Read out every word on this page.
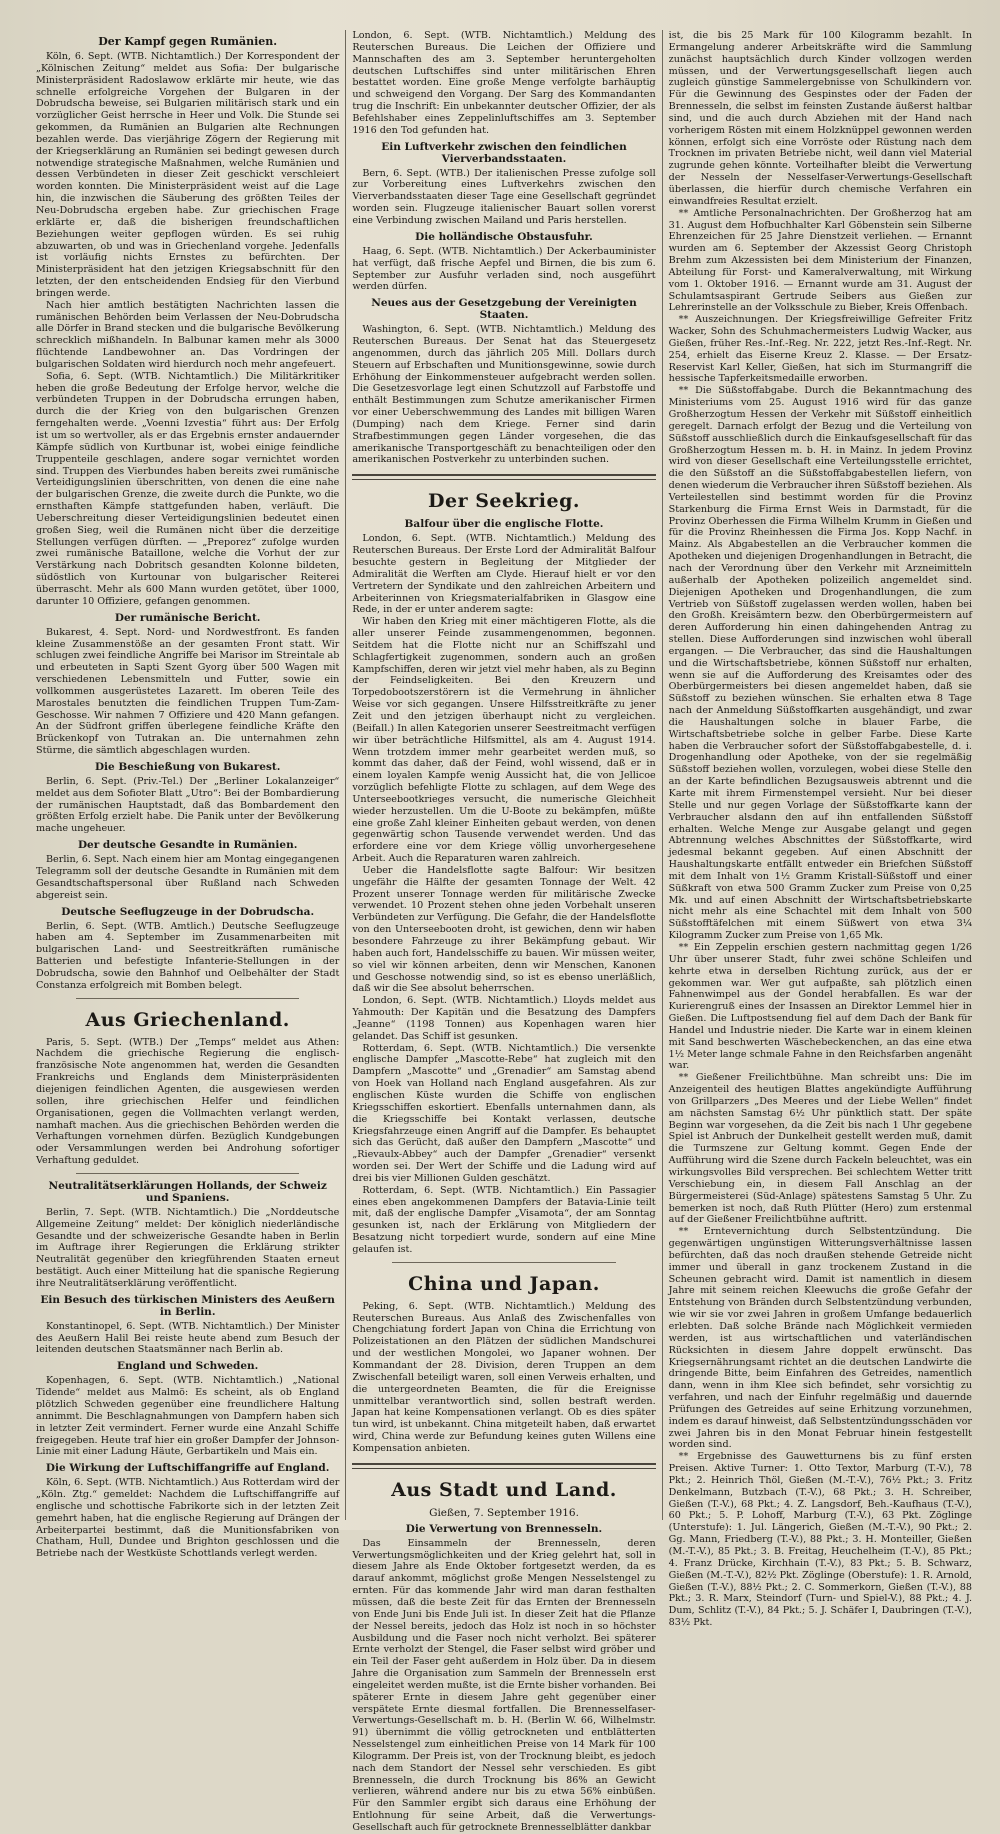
Der Kampf gegen Rumänien.

Köln, 6. Sept. (WTB. Nichtamtlich.) Der Korrespondent der „Kölnischen Zeitung“ meldet aus Sofia: Der bulgarische Ministerpräsident Radoslawow erklärte mir heute, wie das schnelle erfolgreiche Vorgehen der Bulgaren in der Dobrudscha beweise, sei Bulgarien militärisch stark und ein vorzüglicher Geist herrsche in Heer und Volk. Die Stunde sei gekommen, da Rumänien an Bulgarien alte Rechnungen bezahlen werde. Das vierjährige Zögern der Regierung mit der Kriegserklärung an Rumänien sei bedingt gewesen durch notwendige strategische Maßnahmen, welche Rumänien und dessen Verbündeten in dieser Zeit geschickt verschleiert worden konnten. Die Ministerpräsident weist auf die Lage hin, die inzwischen die Säuberung des größten Teiles der Neu-Dobrudscha ergeben habe. Zur griechischen Frage erklärte er, daß die bisherigen freundschaftlichen Beziehungen weiter gepflogen würden. Es sei ruhig abzuwarten, ob und was in Griechenland vorgehe. Jedenfalls ist vorläufig nichts Ernstes zu befürchten. Der Ministerpräsident hat den jetzigen Kriegsabschnitt für den letzten, der den entscheidenden Endsieg für den Vierbund bringen werde.

Nach hier amtlich bestätigten Nachrichten lassen die rumänischen Behörden beim Verlassen der Neu-Dobrudscha alle Dörfer in Brand stecken und die bulgarische Bevölkerung schrecklich mißhandeln. In Balbunar kamen mehr als 3000 flüchtende Landbewohner an. Das Vordringen der bulgarischen Soldaten wird hierdurch noch mehr angefeuert.

Sofia, 6. Sept. (WTB. Nichtamtlich.) Die Militärkritiker heben die große Bedeutung der Erfolge hervor, welche die verbündeten Truppen in der Dobrudscha errungen haben, durch die der Krieg von den bulgarischen Grenzen ferngehalten werde. „Voenni Izvestia“ führt aus: Der Erfolg ist um so wertvoller, als er das Ergebnis ernster andauernder Kämpfe südlich von Kurtbunar ist, wobei einige feindliche Truppenteile geschlagen, andere sogar vernichtet worden sind. Truppen des Vierbundes haben bereits zwei rumänische Verteidigungslinien überschritten, von denen die eine nahe der bulgarischen Grenze, die zweite durch die Punkte, wo die ernsthaften Kämpfe stattgefunden haben, verläuft. Die Ueberschreitung dieser Verteidigungslinien bedeutet einen großen Sieg, weil die Rumänen nicht über die derzeitige Stellungen verfügen dürften. — „Preporez“ zufolge wurden zwei rumänische Bataillone, welche die Vorhut der zur Verstärkung nach Dobritsch gesandten Kolonne bildeten, südöstlich von Kurtounar von bulgarischer Reiterei überrascht. Mehr als 600 Mann wurden getötet, über 1000, darunter 10 Offiziere, gefangen genommen.

Der rumänische Bericht.

Bukarest, 4. Sept. Nord- und Nordwestfront. Es fanden kleine Zusammenstöße an der gesamten Front statt. Wir schlugen zwei feindliche Angriffe bei Marisor im Streintale ab und erbeuteten in Sapti Szent Gyorg über 500 Wagen mit verschiedenen Lebensmitteln und Futter, sowie ein vollkommen ausgerüstetes Lazarett. Im oberen Teile des Marostales benutzten die feindlichen Truppen Tum-Zam-Geschosse. Wir nahmen 7 Offiziere und 420 Mann gefangen. An der Südfront griffen überlegene feindliche Kräfte den Brückenkopf von Tutrakan an. Die unternahmen zehn Stürme, die sämtlich abgeschlagen wurden.

Die Beschießung von Bukarest.

Berlin, 6. Sept. (Priv.-Tel.) Der „Berliner Lokalanzeiger“ meldet aus dem Sofioter Blatt „Utro“: Bei der Bombardierung der rumänischen Hauptstadt, daß das Bombardement den größten Erfolg erzielt habe. Die Panik unter der Bevölkerung mache ungeheuer.

Der deutsche Gesandte in Rumänien.

Berlin, 6. Sept. Nach einem hier am Montag eingegangenen Telegramm soll der deutsche Gesandte in Rumänien mit dem Gesandtschaftspersonal über Rußland nach Schweden abgereist sein.

Deutsche Seeflugzeuge in der Dobrudscha.

Berlin, 6. Sept. (WTB. Amtlich.) Deutsche Seeflugzeuge haben am 4. September im Zusammenarbeiten mit bulgarischen Land- und Seestreitkräften rumänische Batterien und befestigte Infanterie-Stellungen in der Dobrudscha, sowie den Bahnhof und Oelbehälter der Stadt Constanza erfolgreich mit Bomben belegt.

Aus Griechenland.

Paris, 5. Sept. (WTB.) Der „Temps“ meldet aus Athen: Nachdem die griechische Regierung die englisch-französische Note angenommen hat, werden die Gesandten Frankreichs und Englands dem Ministerpräsidenten diejenigen feindlichen Agenten, die ausgewiesen werden sollen, ihre griechischen Helfer und feindlichen Organisationen, gegen die Vollmachten verlangt werden, namhaft machen. Aus die griechischen Behörden werden die Verhaftungen vornehmen dürfen. Bezüglich Kundgebungen oder Versammlungen werden bei Androhung sofortiger Verhaftung geduldet.

Neutralitätserklärungen Hollands, der Schweiz und Spaniens.

Berlin, 7. Sept. (WTB. Nichtamtlich.) Die „Norddeutsche Allgemeine Zeitung“ meldet: Der königlich niederländische Gesandte und der schweizerische Gesandte haben in Berlin im Auftrage ihrer Regierungen die Erklärung strikter Neutralität gegenüber den kriegführenden Staaten erneut bestätigt. Auch einer Mitteilung hat die spanische Regierung ihre Neutralitätserklärung veröffentlicht.

Ein Besuch des türkischen Ministers des Aeußern in Berlin.

Konstantinopel, 6. Sept. (WTB. Nichtamtlich.) Der Minister des Aeußern Halil Bei reiste heute abend zum Besuch der leitenden deutschen Staatsmänner nach Berlin ab.

England und Schweden.

Kopenhagen, 6. Sept. (WTB. Nichtamtlich.) „National Tidende“ meldet aus Malmö: Es scheint, als ob England plötzlich Schweden gegenüber eine freundlichere Haltung annimmt. Die Beschlagnahmungen von Dampfern haben sich in letzter Zeit vermindert. Ferner wurde eine Anzahl Schiffe freigegeben. Heute traf hier ein großer Dampfer der Johnson-Linie mit einer Ladung Häute, Gerbartikeln und Mais ein.

Die Wirkung der Luftschiffangriffe auf England.

Köln, 6. Sept. (WTB. Nichtamtlich.) Aus Rotterdam wird der „Köln. Ztg.“ gemeldet: Nachdem die Luftschiffangriffe auf englische und schottische Fabrikorte sich in der letzten Zeit gemehrt haben, hat die englische Regierung auf Drängen der Arbeiterpartei bestimmt, daß die Munitionsfabriken von Chatham, Hull, Dundee und Brighton geschlossen und die Betriebe nach der Westküste Schottlands verlegt werden.

London, 6. Sept. (WTB. Nichtamtlich.) Meldung des Reuterschen Bureaus. Die Leichen der Offiziere und Mannschaften des am 3. September heruntergeholten deutschen Luftschiffes sind unter militärischen Ehren bestattet worden. Eine große Menge verfolgte barhäuptig und schweigend den Vorgang. Der Sarg des Kommandanten trug die Inschrift: Ein unbekannter deutscher Offizier, der als Befehlshaber eines Zeppelinluftschiffes am 3. September 1916 den Tod gefunden hat.

Ein Luftverkehr zwischen den feindlichen Vierverbandsstaaten.

Bern, 6. Sept. (WTB.) Der italienischen Presse zufolge soll zur Vorbereitung eines Luftverkehrs zwischen den Vierverbandsstaaten dieser Tage eine Gesellschaft gegründet worden sein. Flugzeuge italienischer Bauart sollen vorerst eine Verbindung zwischen Mailand und Paris herstellen.

Die holländische Obstausfuhr.

Haag, 6. Sept. (WTB. Nichtamtlich.) Der Ackerbauminister hat verfügt, daß frische Aepfel und Birnen, die bis zum 6. September zur Ausfuhr verladen sind, noch ausgeführt werden dürfen.

Neues aus der Gesetzgebung der Vereinigten Staaten.

Washington, 6. Sept. (WTB. Nichtamtlich.) Meldung des Reuterschen Bureaus. Der Senat hat das Steuergesetz angenommen, durch das jährlich 205 Mill. Dollars durch Steuern auf Erbschaften und Munitionsgewinne, sowie durch Erhöhung der Einkommensteuer aufgebracht werden sollen. Die Gesetzesvorlage legt einen Schutzzoll auf Farbstoffe und enthält Bestimmungen zum Schutze amerikanischer Firmen vor einer Ueberschwemmung des Landes mit billigen Waren (Dumping) nach dem Kriege. Ferner sind darin Strafbestimmungen gegen Länder vorgesehen, die das amerikanische Transportgeschäft zu benachteiligen oder den amerikanischen Postverkehr zu unterbinden suchen.

Der Seekrieg.
Balfour über die englische Flotte.

London, 6. Sept. (WTB. Nichtamtlich.) Meldung des Reuterschen Bureaus. Der Erste Lord der Admiralität Balfour besuchte gestern in Begleitung der Mitglieder der Admiralität die Werften am Clyde. Hierauf hielt er vor den Vertretern der Syndikate und den zahlreichen Arbeitern und Arbeiterinnen von Kriegsmaterialfabriken in Glasgow eine Rede, in der er unter anderem sagte:

Wir haben den Krieg mit einer mächtigeren Flotte, als die aller unserer Feinde zusammengenommen, begonnen. Seitdem hat die Flotte nicht nur an Schiffszahl und Schlagfertigkeit zugenommen, sondern auch an großen Kampfschiffen, deren wir jetzt viel mehr haben, als zu Beginn der Feindseligkeiten. Bei den Kreuzern und Torpedobootszerstörern ist die Vermehrung in ähnlicher Weise vor sich gegangen. Unsere Hilfsstreitkräfte zu jener Zeit und den jetzigen überhaupt nicht zu vergleichen. (Beifall.) In allen Kategorien unserer Seestreitmacht verfügen wir über beträchtliche Hilfsmittel, als am 4. August 1914. Wenn trotzdem immer mehr gearbeitet werden muß, so kommt das daher, daß der Feind, wohl wissend, daß er in einem loyalen Kampfe wenig Aussicht hat, die von Jellicoe vorzüglich befehligte Flotte zu schlagen, auf dem Wege des Unterseebootkrieges versucht, die numerische Gleichheit wieder herzustellen. Um die U-Boote zu bekämpfen, müßte eine große Zahl kleiner Einheiten gebaut werden, von denen gegenwärtig schon Tausende verwendet werden. Und das erfordere eine vor dem Kriege völlig unvorhergesehene Arbeit. Auch die Reparaturen waren zahlreich.

Ueber die Handelsflotte sagte Balfour: Wir besitzen ungefähr die Hälfte der gesamten Tonnage der Welt. 42 Prozent unserer Tonnage werden für militärische Zwecke verwendet. 10 Prozent stehen ohne jeden Vorbehalt unseren Verbündeten zur Verfügung. Die Gefahr, die der Handelsflotte von den Unterseebooten droht, ist gewichen, denn wir haben besondere Fahrzeuge zu ihrer Bekämpfung gebaut. Wir haben auch fort, Handelsschiffe zu bauen. Wir müssen weiter, so viel wir können arbeiten, denn wir Menschen, Kanonen und Geschosse notwendig sind, so ist es ebenso unerläßlich, daß wir die See absolut beherrschen.

London, 6. Sept. (WTB. Nichtamtlich.) Lloyds meldet aus Yahmouth: Der Kapitän und die Besatzung des Dampfers „Jeanne“ (1198 Tonnen) aus Kopenhagen waren hier gelandet. Das Schiff ist gesunken.

Rotterdam, 6. Sept. (WTB. Nichtamtlich.) Die versenkte englische Dampfer „Mascotte-Rebe“ hat zugleich mit den Dampfern „Mascotte“ und „Grenadier“ am Samstag abend von Hoek van Holland nach England ausgefahren. Als zur englischen Küste wurden die Schiffe von englischen Kriegsschiffen eskortiert. Ebenfalls unternahmen dann, als die Kriegsschiffe bei Kontakt verlassen, deutsche Kriegsfahrzeuge einen Angriff auf die Dampfer. Es behauptet sich das Gerücht, daß außer den Dampfern „Mascotte“ und „Rievaulx-Abbey“ auch der Dampfer „Grenadier“ versenkt worden sei. Der Wert der Schiffe und die Ladung wird auf drei bis vier Millionen Gulden geschätzt.

Rotterdam, 6. Sept. (WTB. Nichtamtlich.) Ein Passagier eines eben angekommenen Dampfers der Batavia-Linie teilt mit, daß der englische Dampfer „Visamota“, der am Sonntag gesunken ist, nach der Erklärung von Mitgliedern der Besatzung nicht torpediert wurde, sondern auf eine Mine gelaufen ist.

China und Japan.

Peking, 6. Sept. (WTB. Nichtamtlich.) Meldung des Reuterschen Bureaus. Aus Anlaß des Zwischenfalles von Chengchiatung fordert Japan von China die Errichtung von Polizeistationen an den Plätzen der südlichen Mandschurei und der westlichen Mongolei, wo Japaner wohnen. Der Kommandant der 28. Division, deren Truppen an dem Zwischenfall beteiligt waren, soll einen Verweis erhalten, und die untergeordneten Beamten, die für die Ereignisse unmittelbar verantwortlich sind, sollen bestraft werden. Japan hat keine Kompensationen verlangt. Ob es dies später tun wird, ist unbekannt. China mitgeteilt haben, daß erwartet wird, China werde zur Befundung keines guten Willens eine Kompensation anbieten.

Aus Stadt und Land.
Gießen, 7. September 1916.
Die Verwertung von Brennesseln.

Das Einsammeln der Brennesseln, deren Verwertungsmöglichkeiten und der Krieg gelehrt hat, soll in diesem Jahre als Ende Oktober fortgesetzt werden, da es darauf ankommt, möglichst große Mengen Nesselstengel zu ernten. Für das kommende Jahr wird man daran festhalten müssen, daß die beste Zeit für das Ernten der Brennesseln von Ende Juni bis Ende Juli ist. In dieser Zeit hat die Pflanze der Nessel bereits, jedoch das Holz ist noch in so höchster Ausbildung und die Faser noch nicht verholzt. Bei späterer Ernte verholzt der Stengel, die Faser selbst wird gröber und ein Teil der Faser geht außerdem in Holz über. Da in diesem Jahre die Organisation zum Sammeln der Brennesseln erst eingeleitet werden mußte, ist die Ernte bisher vorhanden. Bei späterer Ernte in diesem Jahre geht gegenüber einer verspätete Ernte diesmal fortfallen. Die Brennesselfaser-Verwertungs-Gesellschaft m. b. H. (Berlin W. 66, Wilhelmstr. 91) übernimmt die völlig getrockneten und entblätterten Nesselstengel zum einheitlichen Preise von 14 Mark für 100 Kilogramm. Der Preis ist, von der Trocknung bleibt, es jedoch nach dem Standort der Nessel sehr verschieden. Es gibt Brennesseln, die durch Trocknung bis 86% an Gewicht verlieren, während andere nur bis zu etwa 56% einbüßen. Für den Sammler ergibt sich daraus eine Erhöhung der Entlohnung für seine Arbeit, daß die Verwertungs-Gesellschaft auch für getrocknete Brennesselblätter dankbar

ist, die bis 25 Mark für 100 Kilogramm bezahlt. In Ermangelung anderer Arbeitskräfte wird die Sammlung zunächst hauptsächlich durch Kinder vollzogen werden müssen, und der Verwertungsgesellschaft liegen auch zugleich günstige Sammelergebnisse von Schulkindern vor. Für die Gewinnung des Gespinstes oder der Faden der Brennesseln, die selbst im feinsten Zustande äußerst haltbar sind, und die auch durch Abziehen mit der Hand nach vorherigem Rösten mit einem Holzknüppel gewonnen werden können, erfolgt sich eine Vorröste oder Rüstung nach dem Trocknen im privaten Betriebe nicht, weil dann viel Material zugrunde gehen könnte. Vorteilhafter bleibt die Verwertung der Nesseln der Nesselfaser-Verwertungs-Gesellschaft überlassen, die hierfür durch chemische Verfahren ein einwandfreies Resultat erzielt.

** Amtliche Personalnachrichten. Der Großherzog hat am 31. August dem Hofbuchhalter Karl Göbenstein sein Silberne Ehrenzeichen für 25 Jahre Dienstzeit verliehen. — Ernannt wurden am 6. September der Akzessist Georg Christoph Brehm zum Akzessisten bei dem Ministerium der Finanzen, Abteilung für Forst- und Kameralverwaltung, mit Wirkung vom 1. Oktober 1916. — Ernannt wurde am 31. August der Schulamtsaspirant Gertrude Seibers aus Gießen zur Lehrerinstelle an der Volksschule zu Bieber, Kreis Offenbach.

** Auszeichnungen. Der Kriegsfreiwillige Gefreiter Fritz Wacker, Sohn des Schuhmachermeisters Ludwig Wacker, aus Gießen, früher Res.-Inf.-Reg. Nr. 222, jetzt Res.-Inf.-Regt. Nr. 254, erhielt das Eiserne Kreuz 2. Klasse. — Der Ersatz-Reservist Karl Keller, Gießen, hat sich im Sturmangriff die hessische Tapferkeitsmedaille erworben.

** Die Süßstoffabgabe. Durch die Bekanntmachung des Ministeriums vom 25. August 1916 wird für das ganze Großherzogtum Hessen der Verkehr mit Süßstoff einheitlich geregelt. Darnach erfolgt der Bezug und die Verteilung von Süßstoff ausschließlich durch die Einkaufsgesellschaft für das Großherzogtum Hessen m. b. H. in Mainz. In jedem Provinz wird von dieser Gesellschaft eine Verteilungsstelle errichtet, die den Süßstoff an die Süßstoffabgabestellen liefern, von denen wiederum die Verbraucher ihren Süßstoff beziehen. Als Verteilestellen sind bestimmt worden für die Provinz Starkenburg die Firma Ernst Weis in Darmstadt, für die Provinz Oberhessen die Firma Wilhelm Krumm in Gießen und für die Provinz Rheinhessen die Firma Jos. Kopp Nachf. in Mainz. Als Abgabestellen an die Verbraucher kommen die Apotheken und diejenigen Drogenhandlungen in Betracht, die nach der Verordnung über den Verkehr mit Arzneimitteln außerhalb der Apotheken polizeilich angemeldet sind. Diejenigen Apotheken und Drogenhandlungen, die zum Vertrieb von Süßstoff zugelassen werden wollen, haben bei den Großh. Kreisämtern bezw. den Oberbürgermeistern auf deren Aufforderung hin einen dahingehenden Antrag zu stellen. Diese Aufforderungen sind inzwischen wohl überall ergangen. — Die Verbraucher, das sind die Haushaltungen und die Wirtschaftsbetriebe, können Süßstoff nur erhalten, wenn sie auf die Aufforderung des Kreisamtes oder des Oberbürgermeisters bei diesen angemeldet haben, daß sie Süßstoff zu beziehen wünschen. Sie erhalten etwa 8 Tage nach der Anmeldung Süßstoffkarten ausgehändigt, und zwar die Haushaltungen solche in blauer Farbe, die Wirtschaftsbetriebe solche in gelber Farbe. Diese Karte haben die Verbraucher sofort der Süßstoffabgabestelle, d. i. Drogenhandlung oder Apotheke, von der sie regelmäßig Süßstoff beziehen wollen, vorzulegen, wobei diese Stelle den an der Karte befindlichen Bezugsausweis abtrennt und die Karte mit ihrem Firmenstempel versieht. Nur bei dieser Stelle und nur gegen Vorlage der Süßstoffkarte kann der Verbraucher alsdann den auf ihn entfallenden Süßstoff erhalten. Welche Menge zur Ausgabe gelangt und gegen Abtrennung welches Abschnittes der Süßstoffkarte, wird jedesmal bekannt gegeben. Auf einen Abschnitt der Haushaltungskarte entfällt entweder ein Briefchen Süßstoff mit dem Inhalt von 1½ Gramm Kristall-Süßstoff und einer Süßkraft von etwa 500 Gramm Zucker zum Preise von 0,25 Mk. und auf einen Abschnitt der Wirtschaftsbetriebskarte nicht mehr als eine Schachtel mit dem Inhalt von 500 Süßstofftäfelchen mit einem Süßwert von etwa 3¼ Kilogramm Zucker zum Preise von 1,65 Mk.

** Ein Zeppelin erschien gestern nachmittag gegen 1/26 Uhr über unserer Stadt, fuhr zwei schöne Schleifen und kehrte etwa in derselben Richtung zurück, aus der er gekommen war. Wer gut aufpaßte, sah plötzlich einen Fahnenwimpel aus der Gondel herabfallen. Es war der Kurierengruß eines der Insassen an Direktor Lemmel hier in Gießen. Die Luftpostsendung fiel auf dem Dach der Bank für Handel und Industrie nieder. Die Karte war in einem kleinen mit Sand beschwerten Wäschebeckenchen, an das eine etwa 1½ Meter lange schmale Fahne in den Reichsfarben angenäht war.

** Gießener Freilichtbühne. Man schreibt uns: Die im Anzeigenteil des heutigen Blattes angekündigte Aufführung von Grillparzers „Des Meeres und der Liebe Wellen“ findet am nächsten Samstag 6½ Uhr pünktlich statt. Der späte Beginn war vorgesehen, da die Zeit bis nach 1 Uhr gegebene Spiel ist Anbruch der Dunkelheit gestellt werden muß, damit die Turmszene zur Geltung kommt. Gegen Ende der Aufführung wird die Szene durch Fackeln beleuchtet, was ein wirkungsvolles Bild versprechen. Bei schlechtem Wetter tritt Verschiebung ein, in diesem Fall Anschlag an der Bürgermeisterei (Süd-Anlage) spätestens Samstag 5 Uhr. Zu bemerken ist noch, daß Ruth Plütter (Hero) zum erstenmal auf der Gießener Freilichtbühne auftritt.

** Erntevernichtung durch Selbstentzündung. Die gegenwärtigen ungünstigen Witterungsverhältnisse lassen befürchten, daß das noch draußen stehende Getreide nicht immer und überall in ganz trockenem Zustand in die Scheunen gebracht wird. Damit ist namentlich in diesem Jahre mit seinem reichen Kleewuchs die große Gefahr der Entstehung von Bränden durch Selbstentzündung verbunden, wie wir sie vor zwei Jahren in großem Umfange bedauerlich erlebten. Daß solche Brände nach Möglichkeit vermieden werden, ist aus wirtschaftlichen und vaterländischen Rücksichten in diesem Jahre doppelt erwünscht. Das Kriegsernährungsamt richtet an die deutschen Landwirte die dringende Bitte, beim Einfahren des Getreides, namentlich dann, wenn in ihm Klee sich befindet, sehr vorsichtig zu verfahren, und nach der Einfuhr regelmäßig und dauernde Prüfungen des Getreides auf seine Erhitzung vorzunehmen, indem es darauf hinweist, daß Selbstentzündungsschäden vor zwei Jahren bis in den Monat Februar hinein festgestellt worden sind.

** Ergebnisse des Gauwetturnens bis zu fünf ersten Preisen. Aktive Turner: 1. Otto Textor, Marburg (T.-V.), 78 Pkt.; 2. Heinrich Thöl, Gießen (M.-T.-V.), 76½ Pkt.; 3. Fritz Denkelmann, Butzbach (T.-V.), 68 Pkt.; 3. H. Schreiber, Gießen (T.-V.), 68 Pkt.; 4. Z. Langsdorf, Beh.-Kaufhaus (T.-V.), 60 Pkt.; 5. P. Lohoff, Marburg (T.-V.), 63 Pkt. Zöglinge (Unterstufe): 1. Jul. Längerich, Gießen (M.-T.-V.), 90 Pkt.; 2. Gg. Mann, Friedberg (T.-V.), 88 Pkt.; 3. H. Monteiller, Gießen (M.-T.-V.), 85 Pkt.; 3. B. Freitag, Heuchelheim (T.-V.), 85 Pkt.; 4. Franz Drücke, Kirchhain (T.-V.), 83 Pkt.; 5. B. Schwarz, Gießen (M.-T.-V.), 82½ Pkt. Zöglinge (Oberstufe): 1. R. Arnold, Gießen (T.-V.), 88½ Pkt.; 2. C. Sommerkorn, Gießen (T.-V.), 88 Pkt.; 3. R. Marx, Steindorf (Turn- und Spiel-V.), 88 Pkt.; 4. J. Dum, Schlitz (T.-V.), 84 Pkt.; 5. J. Schäfer I, Daubringen (T.-V.), 83½ Pkt.
